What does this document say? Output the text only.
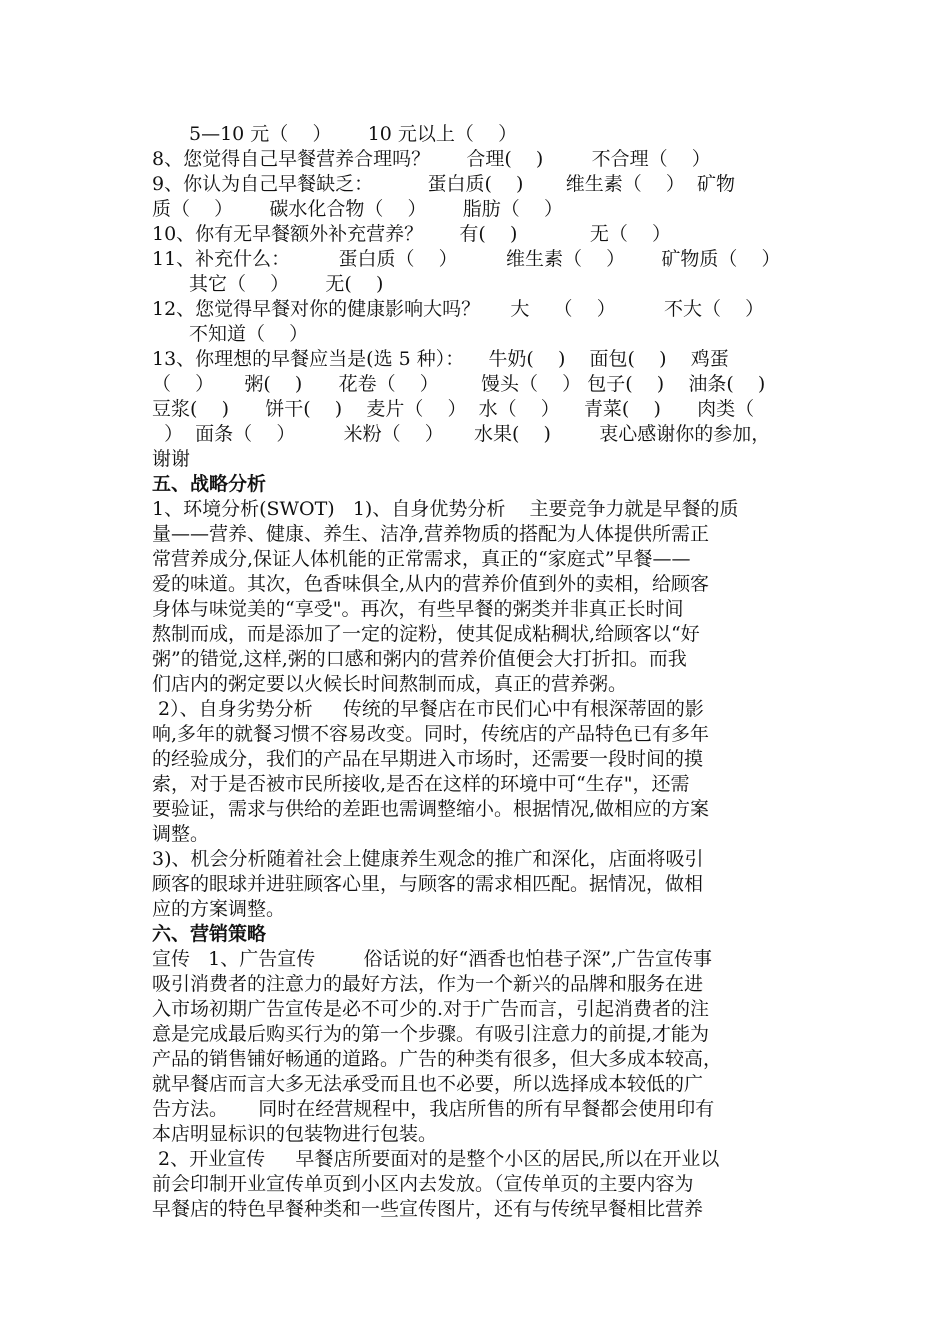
5—10 元（    ）      10 元以上（    ）
8、您觉得自己早餐营养合理吗？      合理(    )        不合理（    ）
9、你认为自己早餐缺乏：         蛋白质(    )       维生素（    ）  矿物
质（    ）      碳水化合物（    ）      脂肪（    ）
10、你有无早餐额外补充营养？      有(    )            无（    ）
11、补充什么：        蛋白质（    ）        维生素（    ）      矿物质（    ）
其它（    ）      无(    )
12、您觉得早餐对你的健康影响大吗？     大    （    ）        不大（    ）
不知道（    ）
13、你理想的早餐应当是(选 5 种）：    牛奶(    )    面包(    )    鸡蛋
（    ）     粥(    )      花卷（    ）       馒头（    ） 包子(    )    油条(    )
豆浆(    )      饼干(    )    麦片（    ）  水（    ）    青菜(    )      肉类（
）  面条（    ）        米粉（    ）     水果(    )        衷心感谢你的参加，
谢谢
五、战略分析
1、环境分析(SWOT)   1)、自身优势分析    主要竞争力就是早餐的质
量——营养、健康、养生、洁净,营养物质的搭配为人体提供所需正
常营养成分,保证人体机能的正常需求，真正的“家庭式”早餐——
爱的味道。其次，色香味俱全,从内的营养价值到外的卖相，给顾客
身体与味觉美的“享受"。再次，有些早餐的粥类并非真正长时间
熬制而成，而是添加了一定的淀粉，使其促成粘稠状,给顾客以“好
粥”的错觉,这样,粥的口感和粥内的营养价值便会大打折扣。而我
们店内的粥定要以火候长时间熬制而成，真正的营养粥。
2）、自身劣势分析     传统的早餐店在市民们心中有根深蒂固的影
响,多年的就餐习惯不容易改变。同时，传统店的产品特色已有多年
的经验成分，我们的产品在早期进入市场时，还需要一段时间的摸
索，对于是否被市民所接收,是否在这样的环境中可“生存"，还需
要验证，需求与供给的差距也需调整缩小。根据情况,做相应的方案
调整。
3)、机会分析随着社会上健康养生观念的推广和深化，店面将吸引
顾客的眼球并进驻顾客心里，与顾客的需求相匹配。据情况，做相
应的方案调整。
六、营销策略
宣传   1、广告宣传        俗话说的好“酒香也怕巷子深”,广告宣传事
吸引消费者的注意力的最好方法，作为一个新兴的品牌和服务在进
入市场初期广告宣传是必不可少的.对于广告而言，引起消费者的注
意是完成最后购买行为的第一个步骤。有吸引注意力的前提,才能为
产品的销售铺好畅通的道路。广告的种类有很多，但大多成本较高，
就早餐店而言大多无法承受而且也不必要，所以选择成本较低的广
告方法。     同时在经营规程中，我店所售的所有早餐都会使用印有
本店明显标识的包装物进行包装。
2、开业宣传     早餐店所要面对的是整个小区的居民,所以在开业以
前会印制开业宣传单页到小区内去发放。（宣传单页的主要内容为
早餐店的特色早餐种类和一些宣传图片，还有与传统早餐相比营养
